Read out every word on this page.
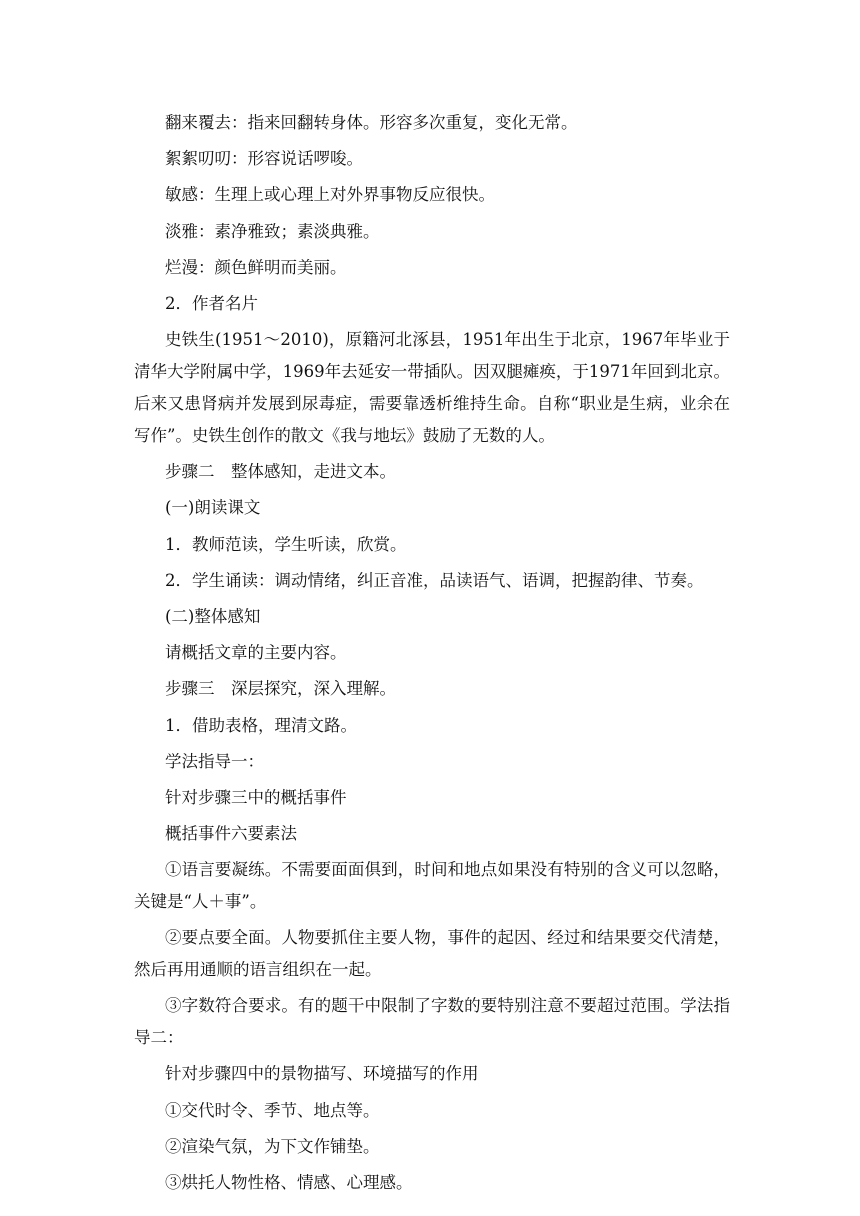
翻来覆去：指来回翻转身体。形容多次重复，变化无常。

絮絮叨叨：形容说话啰唆。

敏感：生理上或心理上对外界事物反应很快。

淡雅：素净雅致；素淡典雅。

烂漫：颜色鲜明而美丽。

2．作者名片

史铁生(1951～2010)，原籍河北涿县，1951年出生于北京，1967年毕业于清华大学附属中学，1969年去延安一带插队。因双腿瘫痪，于1971年回到北京。后来又患肾病并发展到尿毒症，需要靠透析维持生命。自称“职业是生病，业余在写作”。史铁生创作的散文《我与地坛》鼓励了无数的人。

步骤二　整体感知，走进文本。

(一)朗读课文

1．教师范读，学生听读，欣赏。

2．学生诵读：调动情绪，纠正音准，品读语气、语调，把握韵律、节奏。

(二)整体感知

请概括文章的主要内容。

步骤三　深层探究，深入理解。

1．借助表格，理清文路。

学法指导一：

针对步骤三中的概括事件

概括事件六要素法

①语言要凝练。不需要面面俱到，时间和地点如果没有特别的含义可以忽略，关键是“人＋事”。

②要点要全面。人物要抓住主要人物，事件的起因、经过和结果要交代清楚，然后再用通顺的语言组织在一起。

③字数符合要求。有的题干中限制了字数的要特别注意不要超过范围。学法指导二：

针对步骤四中的景物描写、环境描写的作用

①交代时令、季节、地点等。

②渲染气氛，为下文作铺垫。

③烘托人物性格、情感、心理感。
